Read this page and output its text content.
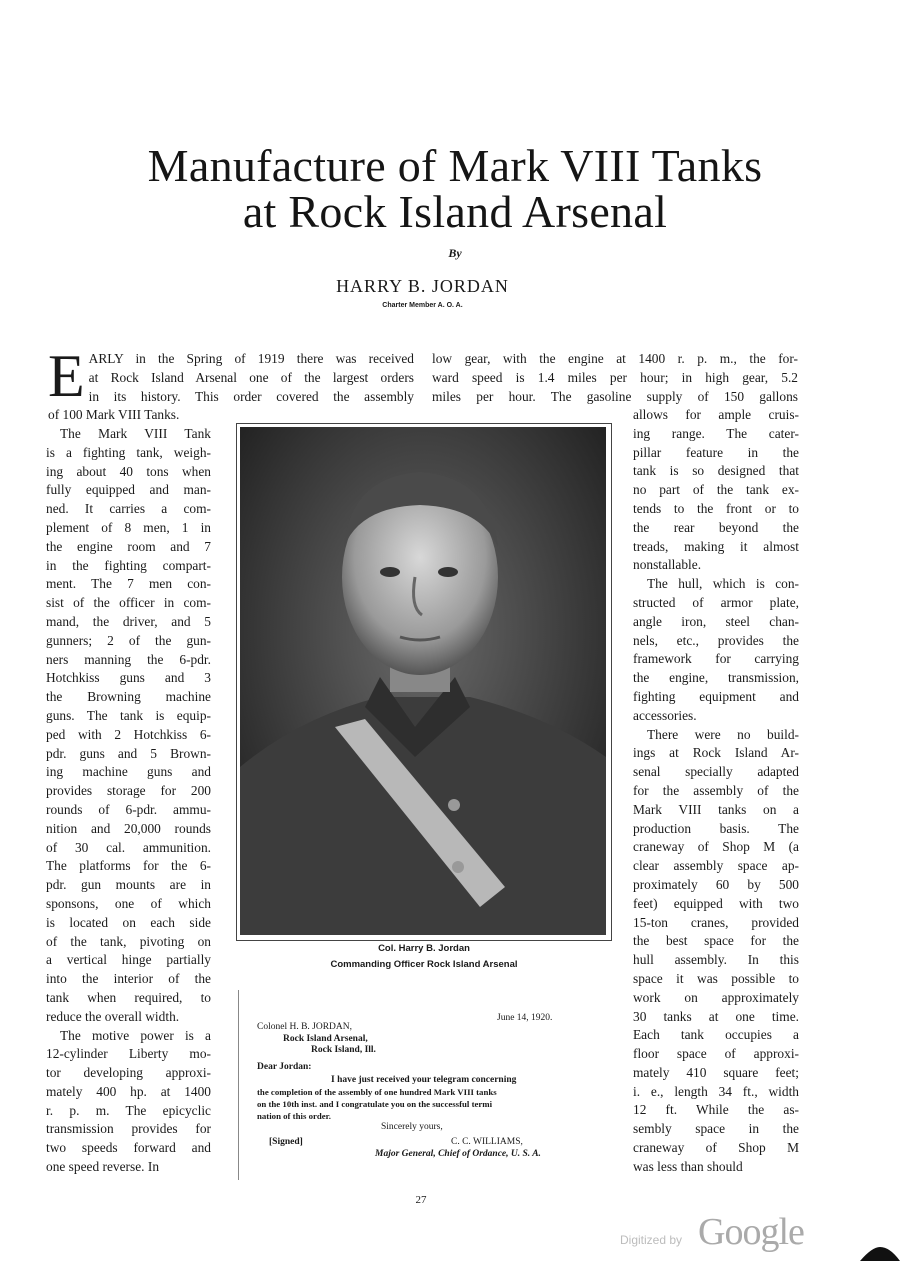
Manufacture of Mark VIII Tanks
at Rock Island Arsenal
By
HARRY B. JORDAN
Charter Member A. O. A.
E ARLY in the Spring of 1919 there was received

at Rock Island Arsenal one of the largest orders

in its history. This order covered the assembly

of 100 Mark VIII Tanks.

The Mark VIII Tank

is a fighting tank, weigh-

ing about 40 tons when

fully equipped and man-

ned. It carries a com-

plement of 8 men, 1 in

the engine room and 7

in the fighting compart-

ment. The 7 men con-

sist of the officer in com-

mand, the driver, and 5

gunners; 2 of the gun-

ners manning the 6-pdr.

Hotchkiss guns and 3

the Browning machine

guns. The tank is equip-

ped with 2 Hotchkiss 6-

pdr. guns and 5 Brown-

ing machine guns and

provides storage for 200

rounds of 6-pdr. ammu-

nition and 20,000 rounds

of 30 cal. ammunition.

The platforms for the 6-

pdr. gun mounts are in

sponsons, one of which

is located on each side

of the tank, pivoting on

a vertical hinge partially

into the interior of the

tank when required, to

reduce the overall width.

The motive power is a

12-cylinder Liberty mo-

tor developing approxi-

mately 400 hp. at 1400

r. p. m. The epicyclic

transmission provides for

two speeds forward and

one speed reverse. In

low gear, with the engine at 1400 r. p. m., the for-

ward speed is 1.4 miles per hour; in high gear, 5.2

miles per hour. The gasoline supply of 150 gallons

allows for ample cruis-

ing range. The cater-

pillar feature in the

tank is so designed that

no part of the tank ex-

tends to the front or to

the rear beyond the

treads, making it almost

nonstallable.

The hull, which is con-

structed of armor plate,

angle iron, steel chan-

nels, etc., provides the

framework for carrying

the engine, transmission,

fighting equipment and

accessories.

There were no build-

ings at Rock Island Ar-

senal specially adapted

for the assembly of the

Mark VIII tanks on a

production basis. The

craneway of Shop M (a

clear assembly space ap-

proximately 60 by 500

feet) equipped with two

15-ton cranes, provided

the best space for the

hull assembly. In this

space it was possible to

work on approximately

30 tanks at one time.

Each tank occupies a

floor space of approxi-

mately 410 square feet;

i. e., length 34 ft., width

12 ft. While the as-

sembly space in the

craneway of Shop M

was less than should

Col. Harry B. Jordan
Commanding Officer Rock Island Arsenal
June 14, 1920.
Colonel H. B. JORDAN,
Rock Island Arsenal,
Rock Island, Ill.
Dear Jordan:
I have just received your telegram concerning
the completion of the assembly of one hundred Mark VIII tanks
on the 10th inst. and I congratulate you on the successful termi
nation of this order.
Sincerely yours,
[Signed]	C. C. WILLIAMS,
Major General, Chief of Ordance, U. S. A.
27
Digitized by Google
